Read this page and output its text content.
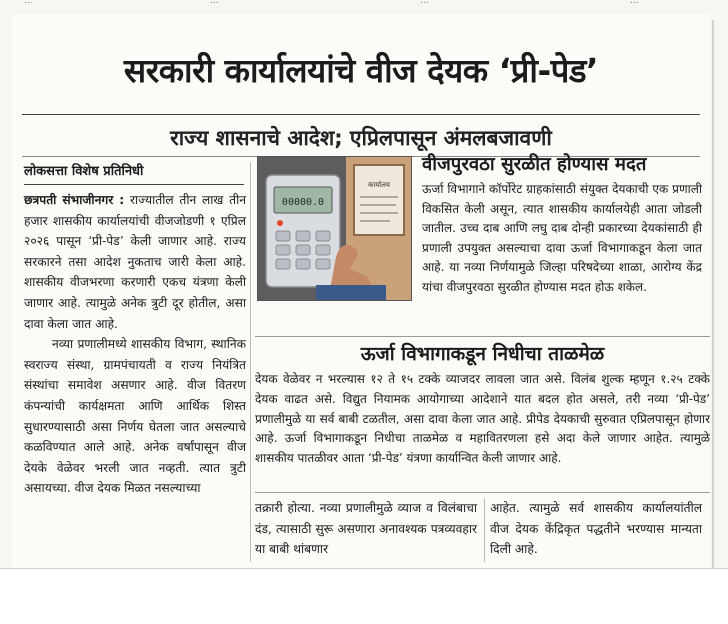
...	...	...	...
सरकारी कार्यालयांचे वीज देयक ‘प्री-पेड’
राज्य शासनाचे आदेश; एप्रिलपासून अंमलबजावणी
लोकसत्ता विशेष प्रतिनिधी

छत्रपती संभाजीनगर : राज्यातील तीन लाख तीन हजार शासकीय कार्यालयांची वीजजोडणी १ एप्रिल २०२६ पासून ‘प्री-पेड’ केली जाणार आहे. राज्य सरकारने तसा आदेश नुकताच जारी केला आहे. शासकीय वीजभरणा करणारी एकच यंत्रणा केली जाणार आहे. त्यामुळे अनेक त्रुटी दूर होतील, असा दावा केला जात आहे.

नव्या प्रणालीमध्ये शासकीय विभाग, स्थानिक स्वराज्य संस्था, ग्रामपंचायती व राज्य नियंत्रित संस्थांचा समावेश असणार आहे. वीज वितरण कंपन्यांची कार्यक्षमता आणि आर्थिक शिस्त सुधारण्यासाठी असा निर्णय घेतला जात असल्याचे कळविण्यात आले आहे. अनेक वर्षांपासून वीज देयके वेळेवर भरली जात नव्हती. त्यात त्रुटी असायच्या. वीज देयक मिळत नसल्याच्या

कार्यालय
00000.0
वीजपुरवठा सुरळीत होण्यास मदत

ऊर्जा विभागाने कॉर्पोरेट ग्राहकांसाठी संयुक्त देयकाची एक प्रणाली विकसित केली असून, त्यात शासकीय कार्यालयेही आता जोडली जातील. उच्च दाब आणि लघु दाब दोन्ही प्रकारच्या देयकांसाठी ही प्रणाली उपयुक्त असल्याचा दावा ऊर्जा विभागाकडून केला जात आहे. या नव्या निर्णयामुळे जिल्हा परिषदेच्या शाळा, आरोग्य केंद्र यांचा वीजपुरवठा सुरळीत होण्यास मदत होऊ शकेल.

ऊर्जा विभागाकडून निधीचा ताळमेळ

देयक वेळेवर न भरल्यास १२ ते १५ टक्के व्याजदर लावला जात असे. विलंब शुल्क म्हणून १.२५ टक्के देयक वाढत असे. विद्युत नियामक आयोगाच्या आदेशाने यात बदल होत असले, तरी नव्या ‘प्री-पेड’ प्रणालीमुळे या सर्व बाबी टळतील, असा दावा केला जात आहे. प्रीपेड देयकाची सुरुवात एप्रिलपासून होणार आहे. ऊर्जा विभागाकडून निधीचा ताळमेळ व महावितरणला हसे अदा केले जाणार आहेत. त्यामुळे शासकीय पातळीवर आता ‘प्री-पेड’ यंत्रणा कार्यान्वित केली जाणार आहे.

तक्रारी होत्या. नव्या प्रणालीमुळे व्याज व विलंबाचा दंड, त्यासाठी सुरू असणारा अनावश्यक पत्रव्यवहार या बाबी थांबणार

आहेत. त्यामुळे सर्व शासकीय कार्यालयांतील वीज देयक केंद्रिकृत पद्धतीने भरण्यास मान्यता दिली आहे.
